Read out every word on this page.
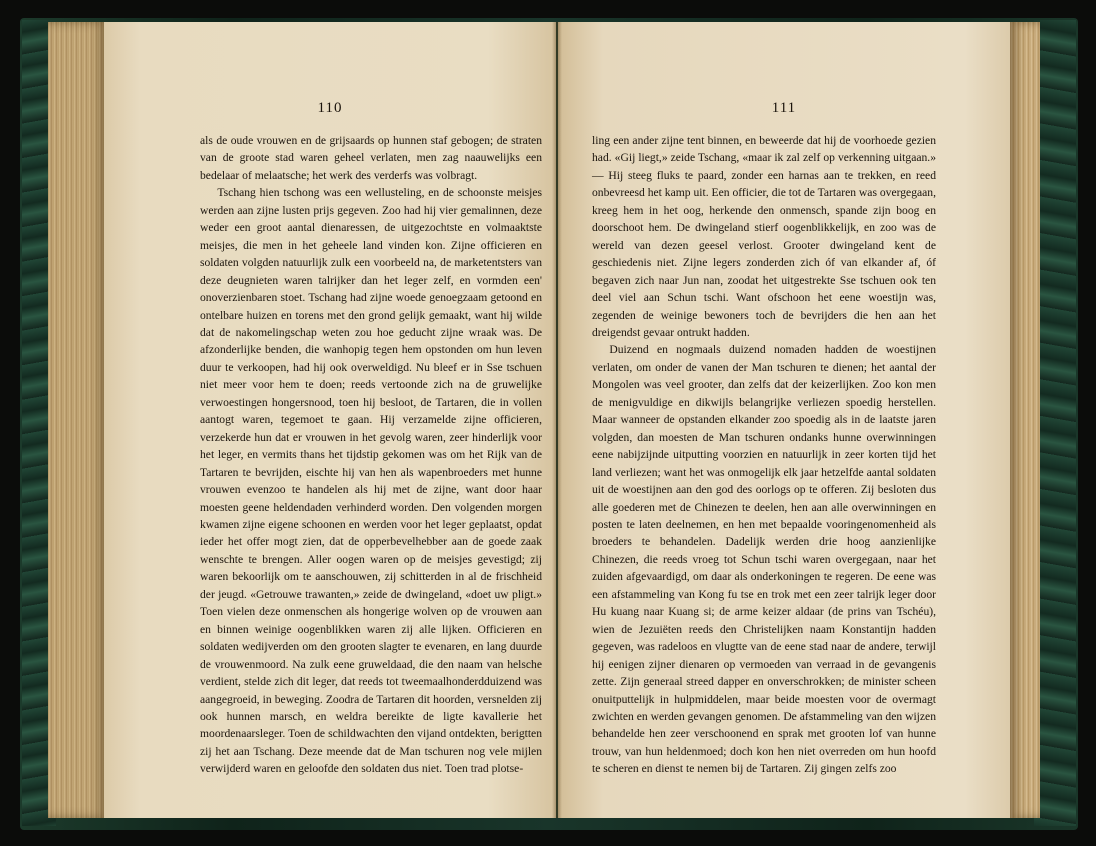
110

als de oude vrouwen en de grijsaards op hunnen staf gebogen; de straten van de groote stad waren geheel verlaten, men zag naauwelijks een bedelaar of melaatsche; het werk des verderfs was volbragt.

Tschang hien tschong was een wellusteling, en de schoonste meisjes werden aan zijne lusten prijs gegeven. Zoo had hij vier gemalinnen, deze weder een groot aantal dienaressen, de uitgezochtste en volmaaktste meisjes, die men in het geheele land vinden kon. Zijne officieren en soldaten volgden natuurlijk zulk een voorbeeld na, de marketentsters van deze deugnieten waren talrijker dan het leger zelf, en vormden een' onoverzienbaren stoet. Tschang had zijne woede genoegzaam getoond en ontelbare huizen en torens met den grond gelijk gemaakt, want hij wilde dat de nakomelingschap weten zou hoe geducht zijne wraak was. De afzonderlijke benden, die wanhopig tegen hem opstonden om hun leven duur te verkoopen, had hij ook overweldigd. Nu bleef er in Sse tschuen niet meer voor hem te doen; reeds vertoonde zich na de gruwelijke verwoestingen hongersnood, toen hij besloot, de Tartaren, die in vollen aantogt waren, tegemoet te gaan. Hij verzamelde zijne officieren, verzekerde hun dat er vrouwen in het gevolg waren, zeer hinderlijk voor het leger, en vermits thans het tijdstip gekomen was om het Rijk van de Tartaren te bevrijden, eischte hij van hen als wapenbroeders met hunne vrouwen evenzoo te handelen als hij met de zijne, want door haar moesten geene heldendaden verhinderd worden. Den volgenden morgen kwamen zijne eigene schoonen en werden voor het leger geplaatst, opdat ieder het offer mogt zien, dat de opperbevelhebber aan de goede zaak wenschte te brengen. Aller oogen waren op de meisjes gevestigd; zij waren bekoorlijk om te aanschouwen, zij schitterden in al de frischheid der jeugd. «Getrouwe trawanten,» zeide de dwingeland, «doet uw pligt.» Toen vielen deze onmenschen als hongerige wolven op de vrouwen aan en binnen weinige oogenblikken waren zij alle lijken. Officieren en soldaten wedijverden om den grooten slagter te evenaren, en lang duurde de vrouwenmoord. Na zulk eene gruweldaad, die den naam van helsche verdient, stelde zich dit leger, dat reeds tot tweemaalhonderdduizend was aangegroeid, in beweging. Zoodra de Tartaren dit hoorden, versnelden zij ook hunnen marsch, en weldra bereikte de ligte kavallerie het moordenaarsleger. Toen de schildwachten den vijand ontdekten, berigtten zij het aan Tschang. Deze meende dat de Man tschuren nog vele mijlen verwijderd waren en geloofde den soldaten dus niet. Toen trad plotse-

111

ling een ander zijne tent binnen, en beweerde dat hij de voorhoede gezien had. «Gij liegt,» zeide Tschang, «maar ik zal zelf op verkenning uitgaan.» — Hij steeg fluks te paard, zonder een harnas aan te trekken, en reed onbevreesd het kamp uit. Een officier, die tot de Tartaren was overgegaan, kreeg hem in het oog, herkende den onmensch, spande zijn boog en doorschoot hem. De dwingeland stierf oogenblikkelijk, en zoo was de wereld van dezen geesel verlost. Grooter dwingeland kent de geschiedenis niet. Zijne legers zonderden zich óf van elkander af, óf begaven zich naar Jun nan, zoodat het uitgestrekte Sse tschuen ook ten deel viel aan Schun tschi. Want ofschoon het eene woestijn was, zegenden de weinige bewoners toch de bevrijders die hen aan het dreigendst gevaar ontrukt hadden.

Duizend en nogmaals duizend nomaden hadden de woestijnen verlaten, om onder de vanen der Man tschuren te dienen; het aantal der Mongolen was veel grooter, dan zelfs dat der keizerlijken. Zoo kon men de menigvuldige en dikwijls belangrijke verliezen spoedig herstellen. Maar wanneer de opstanden elkander zoo spoedig als in de laatste jaren volgden, dan moesten de Man tschuren ondanks hunne overwinningen eene nabijzijnde uitputting voorzien en natuurlijk in zeer korten tijd het land verliezen; want het was onmogelijk elk jaar hetzelfde aantal soldaten uit de woestijnen aan den god des oorlogs op te offeren. Zij besloten dus alle goederen met de Chinezen te deelen, hen aan alle overwinningen en posten te laten deelnemen, en hen met bepaalde vooringenomenheid als broeders te behandelen. Dadelijk werden drie hoog aanzienlijke Chinezen, die reeds vroeg tot Schun tschi waren overgegaan, naar het zuiden afgevaardigd, om daar als onderkoningen te regeren. De eene was een afstammeling van Kong fu tse en trok met een zeer talrijk leger door Hu kuang naar Kuang si; de arme keizer aldaar (de prins van Tschéu), wien de Jezuiëten reeds den Christelijken naam Konstantijn hadden gegeven, was radeloos en vlugtte van de eene stad naar de andere, terwijl hij eenigen zijner dienaren op vermoeden van verraad in de gevangenis zette. Zijn generaal streed dapper en onverschrokken; de minister scheen onuitputtelijk in hulpmiddelen, maar beide moesten voor de overmagt zwichten en werden gevangen genomen. De afstammeling van den wijzen behandelde hen zeer verschoonend en sprak met grooten lof van hunne trouw, van hun heldenmoed; doch kon hen niet overreden om hun hoofd te scheren en dienst te nemen bij de Tartaren. Zij gingen zelfs zoo
